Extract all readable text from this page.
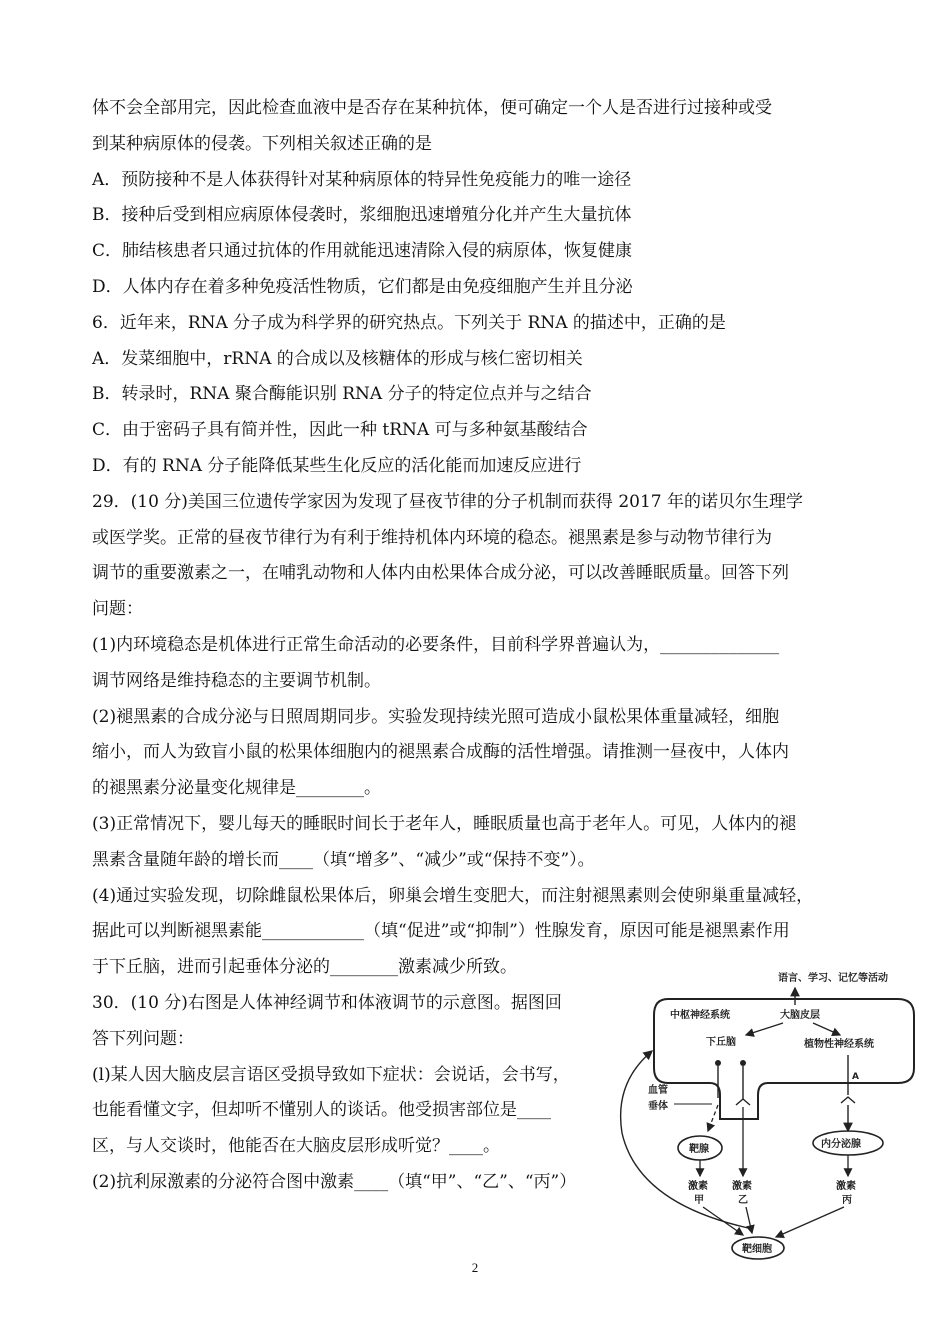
体不会全部用完，因此检查血液中是否存在某种抗体，便可确定一个人是否进行过接种或受
到某种病原体的侵袭。下列相关叙述正确的是
A．预防接种不是人体获得针对某种病原体的特异性免疫能力的唯一途径
B．接种后受到相应病原体侵袭时，浆细胞迅速增殖分化并产生大量抗体
C．肺结核患者只通过抗体的作用就能迅速清除入侵的病原体，恢复健康
D．人体内存在着多种免疫活性物质，它们都是由免疫细胞产生并且分泌
6．近年来，RNA 分子成为科学界的研究热点。下列关于 RNA 的描述中，正确的是
A．发菜细胞中，rRNA 的合成以及核糖体的形成与核仁密切相关
B．转录时，RNA 聚合酶能识别 RNA 分子的特定位点并与之结合
C．由于密码子具有简并性，因此一种 tRNA 可与多种氨基酸结合
D．有的 RNA 分子能降低某些生化反应的活化能而加速反应进行
29．(10 分)美国三位遗传学家因为发现了昼夜节律的分子机制而获得 2017 年的诺贝尔生理学
或医学奖。正常的昼夜节律行为有利于维持机体内环境的稳态。褪黑素是参与动物节律行为
调节的重要激素之一，在哺乳动物和人体内由松果体合成分泌，可以改善睡眠质量。回答下列
问题：
(1)内环境稳态是机体进行正常生命活动的必要条件，目前科学界普遍认为，______________
调节网络是维持稳态的主要调节机制。
(2)褪黑素的合成分泌与日照周期同步。实验发现持续光照可造成小鼠松果体重量减轻，细胞
缩小，而人为致盲小鼠的松果体细胞内的褪黑素合成酶的活性增强。请推测一昼夜中，人体内
的褪黑素分泌量变化规律是________。
(3)正常情况下，婴儿每天的睡眠时间长于老年人，睡眠质量也高于老年人。可见，人体内的褪
黑素含量随年龄的增长而____（填“增多”、“减少”或“保持不变”）。
(4)通过实验发现，切除雌鼠松果体后，卵巢会增生变肥大，而注射褪黑素则会使卵巢重量减轻，
据此可以判断褪黑素能____________（填“促进”或“抑制”）性腺发育，原因可能是褪黑素作用
于下丘脑，进而引起垂体分泌的________激素减少所致。
30．(10 分)右图是人体神经调节和体液调节的示意图。据图回
答下列问题：
(l)某人因大脑皮层言语区受损导致如下症状：会说话，会书写，
也能看懂文字，但却听不懂别人的谈话。他受损害部位是____
区，与人交谈时，他能否在大脑皮层形成听觉？____。
(2)抗利尿激素的分泌符合图中激素____（填“甲”、“乙”、“丙”）
语言、学习、记忆等活动
中枢神经系统	大脑皮层
下丘脑	植物性神经系统
血管
垂体
A
靶腺	内分泌腺
激素
甲
激素
乙
激素
丙
靶细胞
2
